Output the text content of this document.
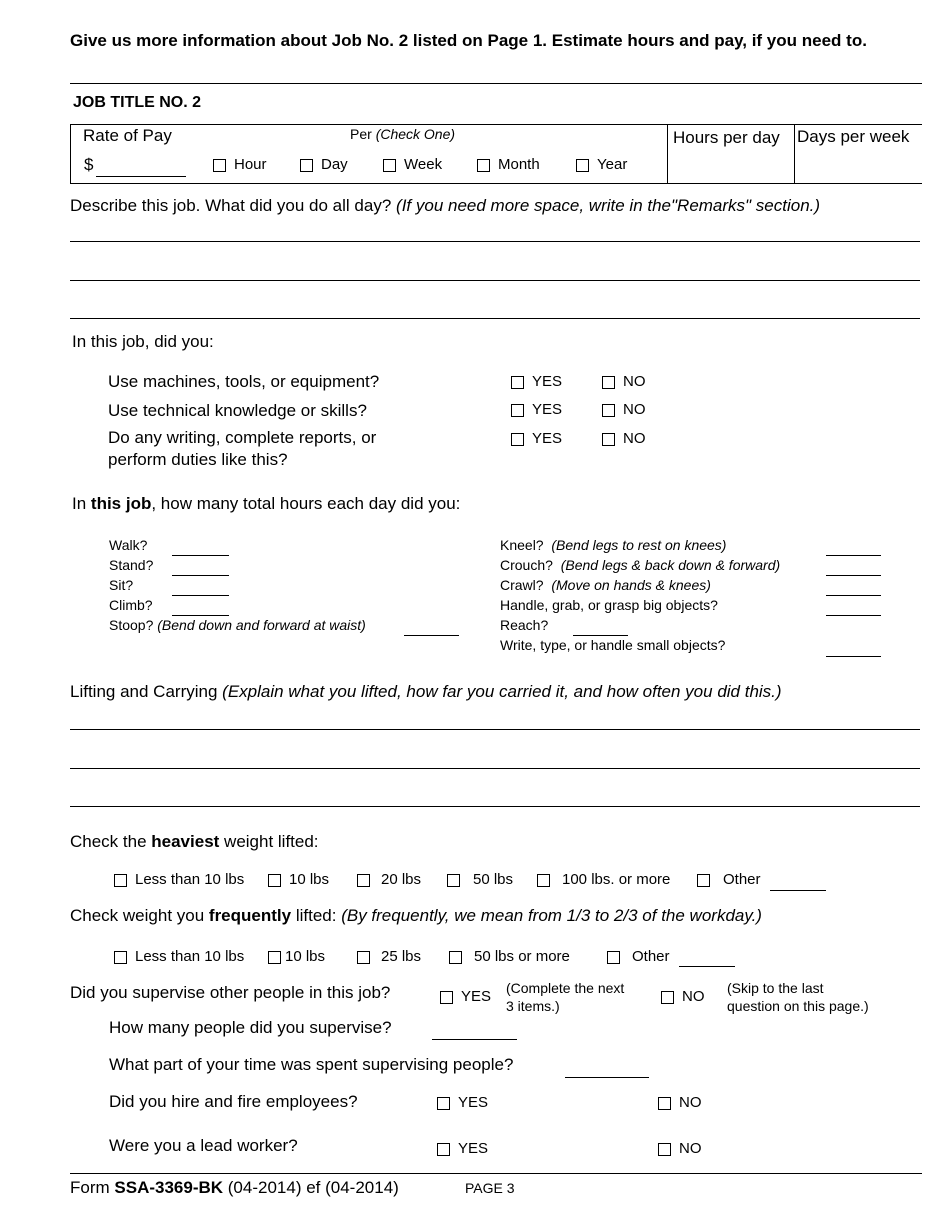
Give us more information about Job No. 2 listed on Page 1. Estimate hours and pay, if you need to.
JOB TITLE NO. 2
Rate of Pay
$
Per (Check One)
Hour	Day	Week	Month	Year
Hours per day Days per week
Describe this job. What did you do all day? (If you need more space, write in the"Remarks" section.)
In this job, did you:
Use machines, tools, or equipment?	YES	NO
Use technical knowledge or skills?	YES	NO
Do any writing, complete reports, or
perform duties like this?
YES	NO
In this job, how many total hours each day did you:
Walk?
Stand?
Sit?
Climb?
Stoop? (Bend down and forward at waist)
Kneel? (Bend legs to rest on knees)
Crouch? (Bend legs & back down & forward)
Crawl? (Move on hands & knees)
Handle, grab, or grasp big objects?
Reach?
Write, type, or handle small objects?
Lifting and Carrying (Explain what you lifted, how far you carried it, and how often you did this.)
Check the heaviest weight lifted:
Less than 10 lbs	10 lbs	20 lbs	50 lbs	100 lbs. or more	Other
Check weight you frequently lifted: (By frequently, we mean from 1/3 to 2/3 of the workday.)
Less than 10 lbs	10 lbs	25 lbs	50 lbs or more	Other
Did you supervise other people in this job?	YES (Complete the next
3 items.)
NO (Skip to the last
question on this page.)
How many people did you supervise?
What part of your time was spent supervising people?
Did you hire and fire employees?	YES	NO
Were you a lead worker?	YES	NO
Form SSA-3369-BK (04-2014) ef (04-2014)	PAGE 3
